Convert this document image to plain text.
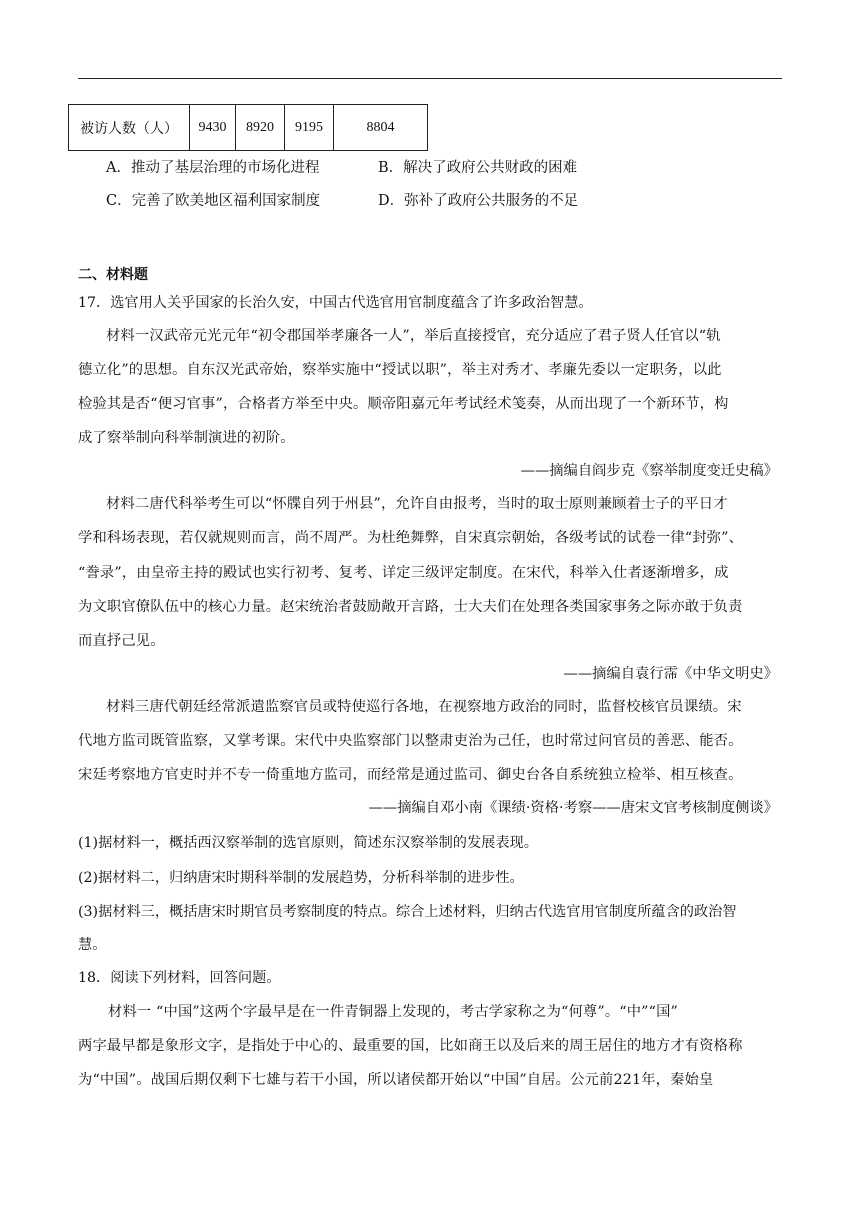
被访人数（人）	9430	8920	9195	8804
A．推动了基层治理的市场化进程	B．解决了政府公共财政的困难
C．完善了欧美地区福利国家制度	D．弥补了政府公共服务的不足
二、材料题
17．选官用人关乎国家的长治久安，中国古代选官用官制度蕴含了许多政治智慧。
材料一汉武帝元光元年“初令郡国举孝廉各一人”，举后直接授官，充分适应了君子贤人任官以“轨
德立化”的思想。自东汉光武帝始，察举实施中“授试以职”，举主对秀才、孝廉先委以一定职务，以此
检验其是否“便习官事”，合格者方举至中央。顺帝阳嘉元年考试经术笺奏，从而出现了一个新环节，构
成了察举制向科举制演进的初阶。
——摘编自阎步克《察举制度变迁史稿》
材料二唐代科举考生可以“怀牒自列于州县”，允许自由报考，当时的取士原则兼顾着士子的平日才
学和科场表现，若仅就规则而言，尚不周严。为杜绝舞弊，自宋真宗朝始，各级考试的试卷一律“封弥”、
“誊录”，由皇帝主持的殿试也实行初考、复考、详定三级评定制度。在宋代，科举入仕者逐渐增多，成
为文职官僚队伍中的核心力量。赵宋统治者鼓励敞开言路，士大夫们在处理各类国家事务之际亦敢于负责
而直抒己见。
——摘编自袁行霈《中华文明史》
材料三唐代朝廷经常派遣监察官员或特使巡行各地，在视察地方政治的同时，监督校核官员课绩。宋
代地方监司既管监察，又掌考课。宋代中央监察部门以整肃吏治为己任，也时常过问官员的善恶、能否。
宋廷考察地方官吏时并不专一倚重地方监司，而经常是通过监司、御史台各自系统独立检举、相互核查。
——摘编自邓小南《课绩·资格·考察——唐宋文官考核制度侧谈》
(1)据材料一，概括西汉察举制的选官原则，简述东汉察举制的发展表现。
(2)据材料二，归纳唐宋时期科举制的发展趋势，分析科举制的进步性。
(3)据材料三，概括唐宋时期官员考察制度的特点。综合上述材料，归纳古代选官用官制度所蕴含的政治智
慧。
18．阅读下列材料，回答问题。
材料一 “中国”这两个字最早是在一件青铜器上发现的，考古学家称之为“何尊”。“中”“国”
两字最早都是象形文字，是指处于中心的、最重要的国，比如商王以及后来的周王居住的地方才有资格称
为“中国”。战国后期仅剩下七雄与若干小国，所以诸侯都开始以“中国”自居。公元前221年，秦始皇
